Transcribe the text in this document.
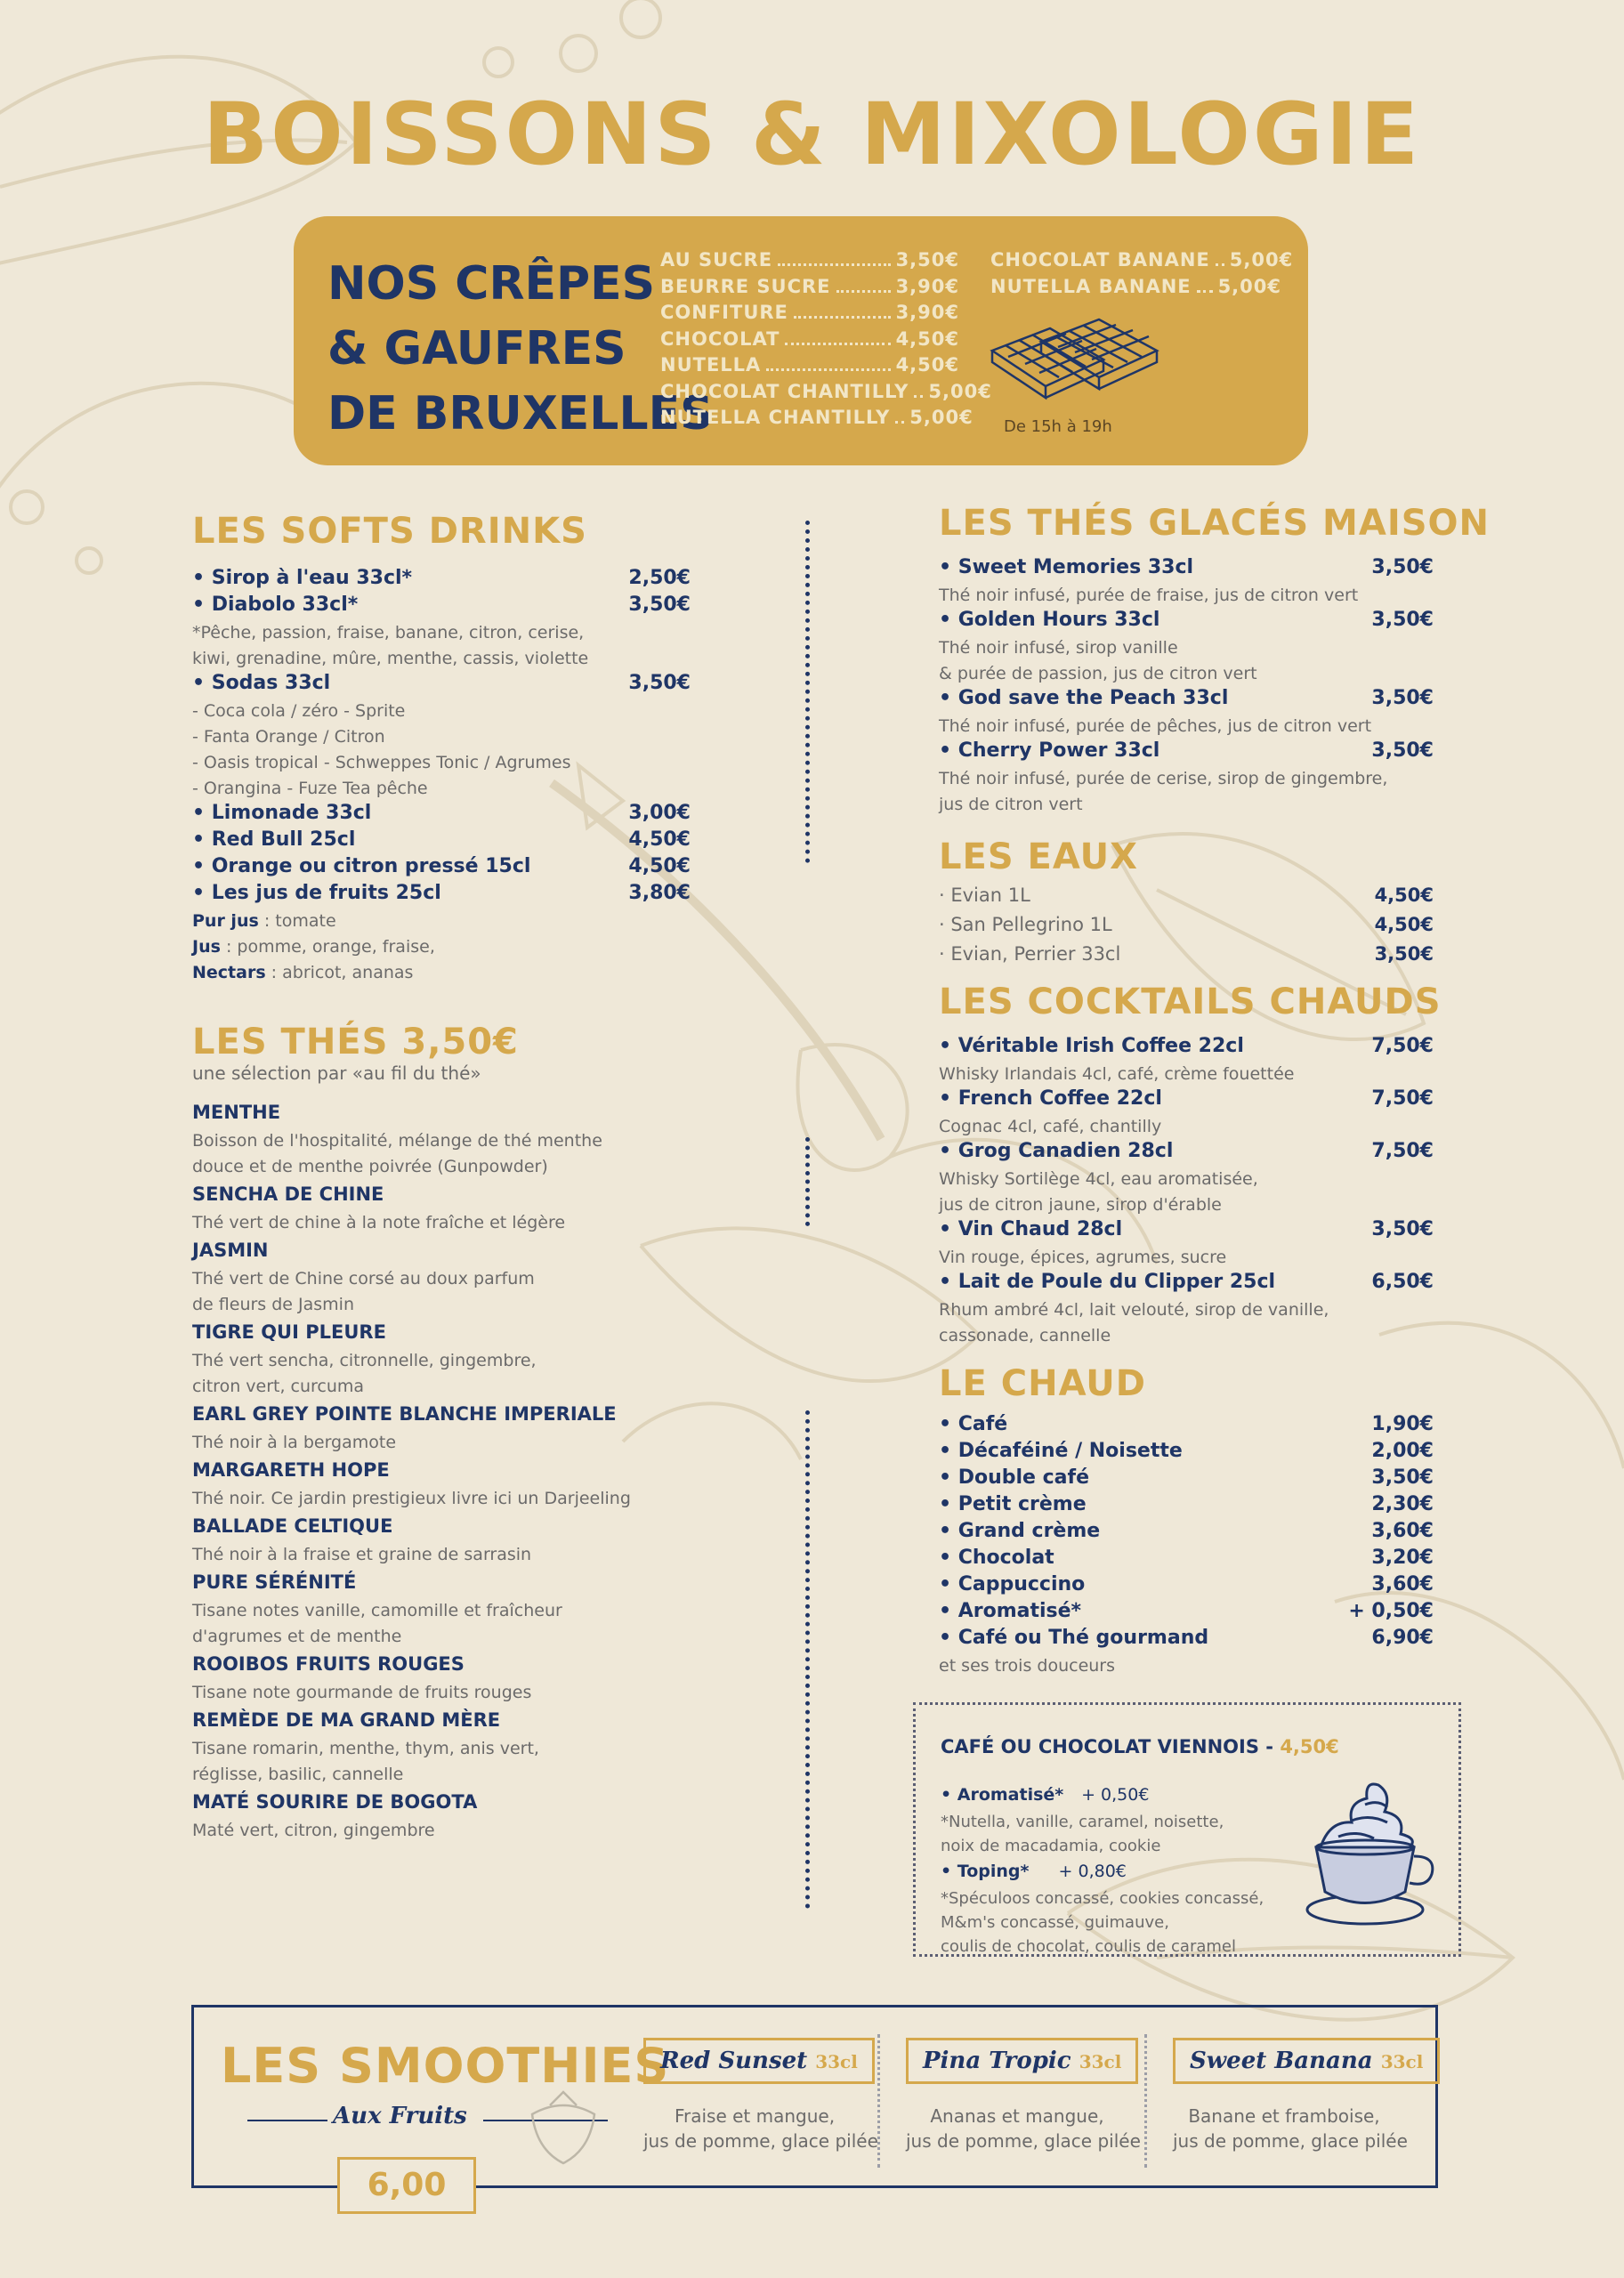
BOISSONS & MIXOLOGIE
NOS CRÊPES
& GAUFRES
DE BRUXELLES
AU SUCRE	3,50€
BEURRE SUCRE	3,90€
CONFITURE	3,90€
CHOCOLAT	4,50€
NUTELLA	4,50€
CHOCOLAT CHANTILLY 5,00€
NUTELLA CHANTILLY 5,00€
CHOCOLAT BANANE 5,00€
NUTELLA BANANE 5,00€
De 15h à 19h
LES SOFTS DRINKS
• Sirop à l'eau 33cl*	2,50€
• Diabolo 33cl*	3,50€
*Pêche, passion, fraise, banane, citron, cerise,
kiwi, grenadine, mûre, menthe, cassis, violette
• Sodas 33cl	3,50€
- Coca cola / zéro - Sprite
- Fanta Orange / Citron
- Oasis tropical - Schweppes Tonic / Agrumes
- Orangina - Fuze Tea pêche
• Limonade 33cl	3,00€
• Red Bull 25cl	4,50€
• Orange ou citron pressé 15cl	4,50€
• Les jus de fruits 25cl	3,80€
Pur jus : tomate
Jus : pomme, orange, fraise,
Nectars : abricot, ananas
LES THÉS 3,50€
une sélection par «au fil du thé»
MENTHE
Boisson de l'hospitalité, mélange de thé menthe
douce et de menthe poivrée (Gunpowder)
SENCHA DE CHINE
Thé vert de chine à la note fraîche et légère
JASMIN
Thé vert de Chine corsé au doux parfum
de fleurs de Jasmin
TIGRE QUI PLEURE
Thé vert sencha, citronnelle, gingembre,
citron vert, curcuma
EARL GREY POINTE BLANCHE IMPERIALE
Thé noir à la bergamote
MARGARETH HOPE
Thé noir. Ce jardin prestigieux livre ici un Darjeeling
BALLADE CELTIQUE
Thé noir à la fraise et graine de sarrasin
PURE SÉRÉNITÉ
Tisane notes vanille, camomille et fraîcheur
d'agrumes et de menthe
ROOIBOS FRUITS ROUGES
Tisane note gourmande de fruits rouges
REMÈDE DE MA GRAND MÈRE
Tisane romarin, menthe, thym, anis vert,
réglisse, basilic, cannelle
MATÉ SOURIRE DE BOGOTA
Maté vert, citron, gingembre
LES THÉS GLACÉS MAISON
• Sweet Memories 33cl	3,50€
Thé noir infusé, purée de fraise, jus de citron vert
• Golden Hours 33cl	3,50€
Thé noir infusé, sirop vanille
& purée de passion, jus de citron vert
• God save the Peach 33cl	3,50€
Thé noir infusé, purée de pêches, jus de citron vert
• Cherry Power 33cl	3,50€
Thé noir infusé, purée de cerise, sirop de gingembre,
jus de citron vert
LES EAUX
· Evian 1L	4,50€
· San Pellegrino 1L	4,50€
· Evian, Perrier 33cl	3,50€
LES COCKTAILS CHAUDS
• Véritable Irish Coffee 22cl	7,50€
Whisky Irlandais 4cl, café, crème fouettée
• French Coffee 22cl	7,50€
Cognac 4cl, café, chantilly
• Grog Canadien 28cl	7,50€
Whisky Sortilège 4cl, eau aromatisée,
jus de citron jaune, sirop d'érable
• Vin Chaud 28cl	3,50€
Vin rouge, épices, agrumes, sucre
• Lait de Poule du Clipper 25cl	6,50€
Rhum ambré 4cl, lait velouté, sirop de vanille,
cassonade, cannelle
LE CHAUD
• Café	1,90€
• Décaféiné / Noisette	2,00€
• Double café	3,50€
• Petit crème	2,30€
• Grand crème	3,60€
• Chocolat	3,20€
• Cappuccino	3,60€
• Aromatisé*	+ 0,50€
• Café ou Thé gourmand	6,90€
et ses trois douceurs
CAFÉ OU CHOCOLAT VIENNOIS - 4,50€
• Aromatisé* + 0,50€
*Nutella, vanille, caramel, noisette,
noix de macadamia, cookie
• Toping* + 0,80€
*Spéculoos concassé, cookies concassé,
M&m's concassé, guimauve,
coulis de chocolat, coulis de caramel
LES SMOOTHIES
Aux Fruits
6,00
Red Sunset 33cl
Fraise et mangue,
jus de pomme, glace pilée
Pina Tropic 33cl
Ananas et mangue,
jus de pomme, glace pilée
Sweet Banana 33cl
Banane et framboise,
jus de pomme, glace pilée
